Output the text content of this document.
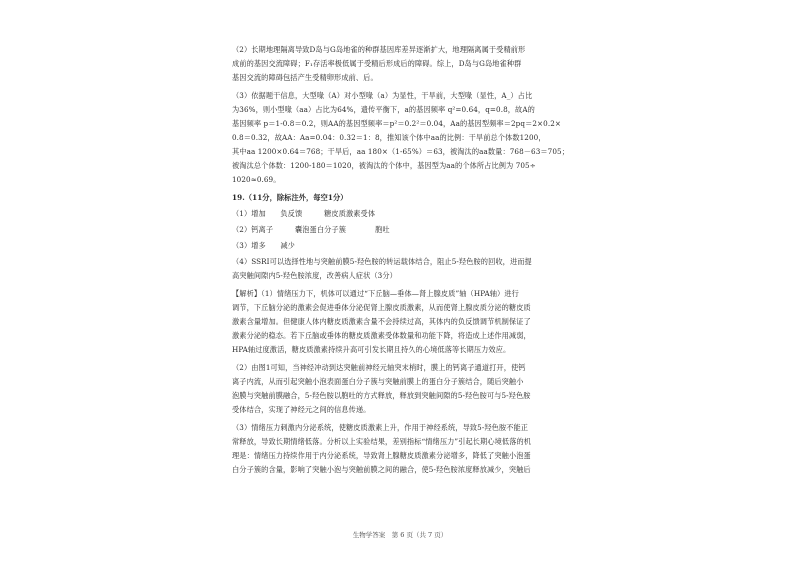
（2）长期地理隔离导致D岛与G岛地雀的种群基因库差异逐渐扩大，地理隔离属于受精前形
成前的基因交流障碍；F₁存活率极低属于受精后形成后的障碍。综上，D岛与G岛地雀种群
基因交流的障碍包括产生受精卵形成前、后。
（3）依据题干信息，大型喙（A）对小型喙（a）为显性，干旱前，大型喙（显性，A_）占比
为36%，则小型喙（aa）占比为64%，遗传平衡下，a的基因频率 q²=0.64，q=0.8，故A的
基因频率 p＝1-0.8＝0.2，则AA的基因型频率＝p²＝0.2²＝0.04，Aa的基因型频率＝2pq＝2×0.2×
0.8＝0.32，故AA：Aa=0.04：0.32＝1：8，推知该个体中aa的比例：干旱前总个体数1200，
其中aa 1200×0.64＝768；干旱后，aa 180×（1-65%）＝63，被淘汰的aa数量：768－63＝705；
被淘汰总个体数：1200-180＝1020，被淘汰的个体中，基因型为aa的个体所占比例为 705÷
1020≈0.69。
19.（11分，除标注外，每空1分）
（1）增加　　负反馈　　　糖皮质激素受体
（2）钙离子　　　囊泡蛋白分子簇　　　　胞吐
（3）增多　　减少
（4）SSRI可以选择性地与突触前膜5-羟色胺的转运载体结合，阻止5-羟色胺的回收，进而提
高突触间隙内5-羟色胺浓度，改善病人症状（3分）
【解析】（1）情绪压力下，机体可以通过“下丘脑—垂体—肾上腺皮质”轴（HPA轴）进行
调节，下丘脑分泌的激素会促进垂体分泌促肾上腺皮质激素，从而使肾上腺皮质分泌的糖皮质
激素含量增加。但健康人体内糖皮质激素含量不会持续过高，其体内的负反馈调节机制保证了
激素分泌的稳态。若下丘脑或垂体的糖皮质激素受体数量和功能下降，将造成上述作用减弱，
HPA轴过度激活，糖皮质激素持续升高可引发长期且持久的心境低落等长期压力效应。
（2）由图1可知，当神经冲动到达突触前神经元轴突末梢时，膜上的钙离子通道打开，使钙
离子内流，从而引起突触小泡表面蛋白分子簇与突触前膜上的蛋白分子簇结合，随后突触小
泡膜与突触前膜融合，5-羟色胺以胞吐的方式释放，释放到突触间隙的5-羟色胺可与5-羟色胺
受体结合，实现了神经元之间的信息传递。
（3）情绪压力刺激内分泌系统，使糖皮质激素上升，作用于神经系统，导致5-羟色胺不能正
常释放，导致长期情绪低落。分析以上实验结果，差别指标“情绪压力”引起长期心境低落的机
理是：情绪压力持续作用于内分泌系统，导致肾上腺糖皮质激素分泌增多，降低了突触小泡蛋
白分子簇的含量，影响了突触小泡与突触前膜之间的融合，使5-羟色胺浓度释放减少，突触后
生物学答案　第 6 页（共 7 页）
